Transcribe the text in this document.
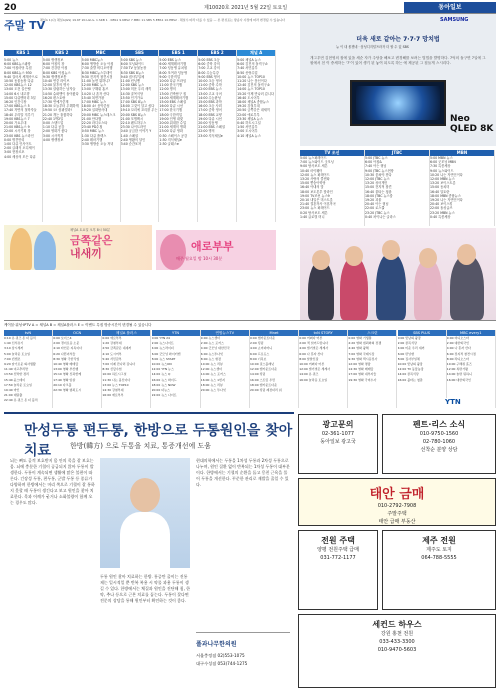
20	제10020호 2021년 5월 22일 토요일	동아일보
주말 TV
채널A 1(나) 채널A(GS) 19·KT 20·LGU+ 1·SKB 1 · KBS1 9·KBS2 7·MBC 11·SBS 5·EBS1 10·EBS2 · 채널수 따라 다를 수 있음 — 본 편성표는 방송사 사정에 따라 변경될 수 있습니다
KBS 1
5:00 뉴스
6:00 KBS뉴스광장
7:00 아침마당 특집
8:00 KBS뉴스 930
9:40 걸어서 세계속으로
10:50 동물농장 다큐
12:00 KBS뉴스 12
13:00 도전 골든벨
14:00 6시 내고향
15:00 다큐멘터리 3일
16:20 인간극장
17:00 KBS뉴스 5
17:40 자연의 철학자들
18:40 우리말 겨루기
19:00 KBS뉴스 7
20:00 가요무대
21:00 KBS뉴스 9
22:00 시사기획 창
23:00 KBS 뉴스라인
0:00 명견만리
1:00 다큐 인사이트
2:00 클래식 오디세이
3:00 현장르포
4:00 세상의 모든 다큐
KBS 2
5:00 생생정보
6:00 아침의 창
7:00 건강한 아침
8:00 KBS 아침뉴스
9:30 생생정보통
10:40 연중 라이브
12:00 불후의 명곡
13:30 살림하는 남자들
14:50 슈퍼맨이 돌아왔다
16:20 편스토랑
17:30 연예가중계
18:30 오늘부터 무해하게
19:50 오! 삼광빌라!
21:20 개는 훌륭하다
22:40 1박2일
0:00 스탠드업
1:10 다큐 공감
2:00 영화가 좋다
3:00 시사직격
4:00 생생정보
MBC
5:00 MBC뉴스
6:00 생방송 오늘 아침
7:30 출발 비디오여행
8:30 MBC뉴스투데이
9:30 전지적 참견시점
11:00 놀면 뭐하니?
12:00 MBC 뉴스
13:00 구해줘 홈즈
14:20 나 혼자 산다
15:40 복면가왕
17:00 MBC 뉴스
18:00 쇼! 음악중심
19:20 실화탐사대
20:00 MBC 뉴스데스크
21:00 안다행
22:20 라디오스타
23:40 PD수첩
0:50 MBC 뉴스
1:30 다큐 플렉스
2:40 테마기행
3:30 생방송 오늘 저녁
SBS
5:00 SBS 뉴스
6:00 모닝와이드
7:30 TV 동물농장
8:30 SBS 8뉴스
9:40 집사부일체
11:00 런닝맨
12:00 SBS 뉴스
13:00 미운 우리 새끼
14:30 골목식당
15:50 인기가요
17:00 SBS 8뉴스
18:00 그것이 알고 싶다
19:10 꼬리에 꼬리를 무는
20:00 SBS 8뉴스
21:00 모범택시
22:10 펜트하우스
23:30 나이트라인
0:40 궁금한 이야기 Y
1:40 스페셜
2:40 생활의 달인
3:40 순간포착
EBS 1
5:00 EBS 뉴스
6:00 세계테마기행
7:00 딩동댕 유치원
8:00 모여라 딩동댕
9:00 극한직업
10:00 다큐 프라임
11:00 한국기행
12:00 명의
13:00 건축탐구 집
14:00 세계테마기행
15:00 EBS 스페셜
16:00 다큐 시선
17:00 한국기행
18:00 극한직업
19:00 인생 내컷
20:00 위대한 수업
21:00 세계의 명화
23:00 다큐 영화
0:30 스페이스 공감
1:30 지식채널e
2:30 클래스e
EBS 2
5:00 EBS 초등
6:00 중학 강의
7:00 고교 강의
8:00 수능특강
9:00 EBS 영어
10:00 초등 영어
11:00 중학 수학
12:00 EBS 뉴스
13:00 고교 국어
14:00 수능완성
15:00 EBS 과학
16:00 초등 사회
17:00 중학 영어
18:00 EBS 교양
19:00 다큐 시선
20:00 딩동댕
21:00 EBS 스페셜
22:00 명의
23:00 지식채널e
채널 A
5:00 채널A 뉴스
6:00 김진의 돌직구쇼
7:40 서민갑부
8:50 신랑수업
10:00 뉴스 TOP10
11:20 나는 몸신이다
12:40 김진의 돌직구쇼
14:00 뉴스 TOP10
15:20 이제 만나러 갑니다
16:40 도시어부
18:00 채널A 종합뉴스
19:20 강철부대
20:50 금쪽같은 내새끼
22:00 애로부부
23:30 채널A 뉴스
0:40 하트시그널
1:50 서민갑부
3:00 도시어부
4:10 채널A 뉴스
SAMSUNG
더욱 새로 같아는 7·7·7 망치법
뉴 이 내 몰겐네 · 삼성디지털프라자 더 할 수 있 SBS
개그우먼 김현영의 집에 있을 새순 자가 주당을 해보고 변경해를 보려는 법법을 발명하다. 7억의 돌구면 7일에 그 원에서 천 이 중세하는 ‘7’이 있어 생기 된 놓여 되도록 하는 에 제공된 그 집들게 스시리다.
Neo QLED 8K
TV 조선
5:00 뉴스퍼레이드
7:00 뉴스와이드 굿모닝
9:00 탐사보도 세븐
10:40 마이웨이
12:00 뉴스 퍼레이드
13:20 사랑의 콜센타
15:00 뽕숭아학당
16:40 아내의 맛
18:00 보도본부 핫라인
19:00 TV조선 뉴스9
20:10 내일은 미스트롯
21:40 결혼작사 이혼작곡
23:00 뉴스 퍼레이드
0:20 탐사보도 세븐
1:40 글로벌 머니
JTBC
5:00 JTBC 뉴스
6:00 아침&
7:40 아는 형님
9:00 JTBC 뉴스현장
10:30 뭉쳐야 찬다
12:00 JTBC 뉴스
13:20 싱어게인
15:00 전지적 참견
16:40 불타는 청춘
18:00 JTBC 뉴스룸
19:20 괴물
20:40 아는 형님
22:00 로스쿨
23:20 JTBC 뉴스
0:40 차이나는 클라스
MBN
5:00 MBN 뉴스
6:00 굿모닝 MBN
7:30 특종세상
9:00 뉴스와이드
10:20 나는 자연인이다
12:00 MBN 뉴스
13:20 보이스트롯
15:00 동치미
16:40 알토란
18:00 MBN 종합뉴스
19:20 나는 자연인이다
20:40 보이스킹
22:00 돌싱글즈
23:20 MBN 뉴스
0:40 특종세상
채널A 토요일 오후 8시 50분
금쪽같은
내새끼
애로부부
매주 월요일 밤 10시 30분
케이블·위성·IPTV A = 채널A B = 채널A플러스 E = 이벤트 특집 방송시간이 변경될 수 있습니다
tvN
0:10 유 퀴즈 온 더 블럭
1:40 신서유기
3:10 삼시세끼
5:00 놀라운 토요일
7:00 빈센조
9:20 슬기로운 의사생활
11:40 여고추리반
13:50 신박한 정리
15:40 윤스테이
17:50 놀라운 토요일
19:40 마인
21:00 대탈출
22:40 유 퀴즈 온 더 블럭
OCN
0:00 보이스4
2:00 경이로운 소문
4:10 타인은 지옥이다
6:20 나쁜녀석들
8:30 영화 극한직업
10:40 영화 베테랑
13:00 영화 부산행
15:10 영화 신과함께
17:40 영화 암살
20:10 다크홀
22:30 영화 범죄도시
채널A 플러스
0:00 애로부부
1:20 강철부대
2:50 금쪽같은 내새끼
4:10 도시어부
5:40 서민갑부
7:00 이제 만나러 갑니다
8:30 신랑수업
10:00 하트시그널
11:30 나는 몸신이다
13:00 뉴스 TOP10
14:30 강철부대
16:00 애로부부
YTN
0:00 YTN 24
2:00 뉴스나이트
4:00 뉴스라이더
6:00 굿모닝 와이티엔
8:00 뉴스 START
10:00 뉴스ON
12:00 YTN 뉴스
14:00 뉴스 Q
16:00 뉴스 와이드
18:00 뉴스 NOW
20:00 더뉴스
22:00 뉴스 나이트
연합뉴스TV
0:00 뉴스센터
2:00 뉴스 포커스
4:00 굿모닝 대한민국
6:00 뉴스투나잇
8:00 뉴스 현장
10:00 뉴스 리뷰
12:00 뉴스센터
14:00 뉴스 포커스
16:00 뉴스 1번지
18:00 뉴스 리뷰
20:00 뉴스 투나잇
Mnet
0:00 엠카운트다운
2:00 킹덤
4:00 쇼미더머니
6:00 프로듀스
8:00 너목보
10:00 걸스플래닛
12:00 엠카운트다운
14:00 킹덤
16:00 스트릿 우먼
18:00 엠카운트다운
20:00 킹덤 레전더리 워
tvN STORY
0:00 어쩌다 어른
2:00 책 읽어드립니다
4:00 벌거벗은 세계사
6:00 나 혼자 산다
8:00 알쓸신잡
10:00 어쩌다 어른
12:00 벌거벗은 세계사
14:00 유 퀴즈
16:00 놀라운 토요일
스크린
0:00 영화 기생충
2:20 영화 범죄와의 전쟁
4:40 영화 광해
7:00 영화 국제시장
9:30 영화 택시운전사
12:00 영화 명량
14:30 영화 베테랑
17:00 영화 내부자들
19:30 영화 극비수사
SBS PLUS
0:00 맛남의 광장
2:00 골목식당
4:00 미운 우리 새끼
6:00 런닝맨
8:00 집사부일체
10:00 맛남의 광장
12:00 TV 동물농장
14:00 골목식당
16:00 불타는 청춘
MBC every1
0:00 비디오스타
2:00 대한외국인
4:00 나 혼자 산다
6:00 전지적 참견시점
8:00 라디오스타
10:00 구해줘 홈즈
12:00 복면가왕
14:00 놀면 뭐하니
16:00 대한외국인
YTN
만성두통 편두통, 한방으로 두통원인을 찾아 치료	한방(韓方) 으로 두통을 치료, 통증개선에 도움
뇌는 뼈도 골격 보호받지 몸 안의 목을 잘 보호는 몸. 뇌에 충분한 기혈이 공급되지 않아 두통이 발생한다. 두통이 계속되면 생활에 많은 불편이 따른다. 긴장성 두통, 편두통, 군발 두통 등 종류가 다양하며 한방에서는 머리 쪽으로 기혈이 잘 통하지 못할 때 두통이 생긴다고 보고 원인을 찾아 치료한다. 목과 어깨가 굳거나 소화불량이 함께 오는 경우도 많다.
두통 원인 찾아 치료하는 한방. 통증만 줄이는 진통제는 일시적일 뿐 반복 복용 시 약물 과용 두통이 생길 수 있다. 한방에서는 체질과 원인을 진단해 침, 한약, 추나 등으로 근본 치료를 돕는다. 두통이 잦다면 전문의 상담을 통해 원인부터 확인하는 것이 좋다.
현대의학에서는 두통을 1차성 두통과 2차성 두통으로 나누며, 원인 질환 없이 반복되는 1차성 두통이 대부분이다. 한방에서는 기혈의 순환을 돕고 뭉친 근육을 풀어 두통을 개선한다. 꾸준한 관리로 재발을 줄일 수 있다.
폴과나무한의원
서울충정점 02)553-1075
대구수성점 053)744-1275
광고문의
02-361-1077
동아일보 광고국
펜트·리스 소식
010-9750-1560
02-780-1060
선착순 분양 상담
태안 금매
010-2792-7908
주말주택
태안 급매 부동산
전원 주택
양평 전원주택 급매
031-772-1177
제주 전원
제주도 토지
064-788-5555
세컨드 하우스
강원 홍천 전원
033-433-3300
010-9470-5603
